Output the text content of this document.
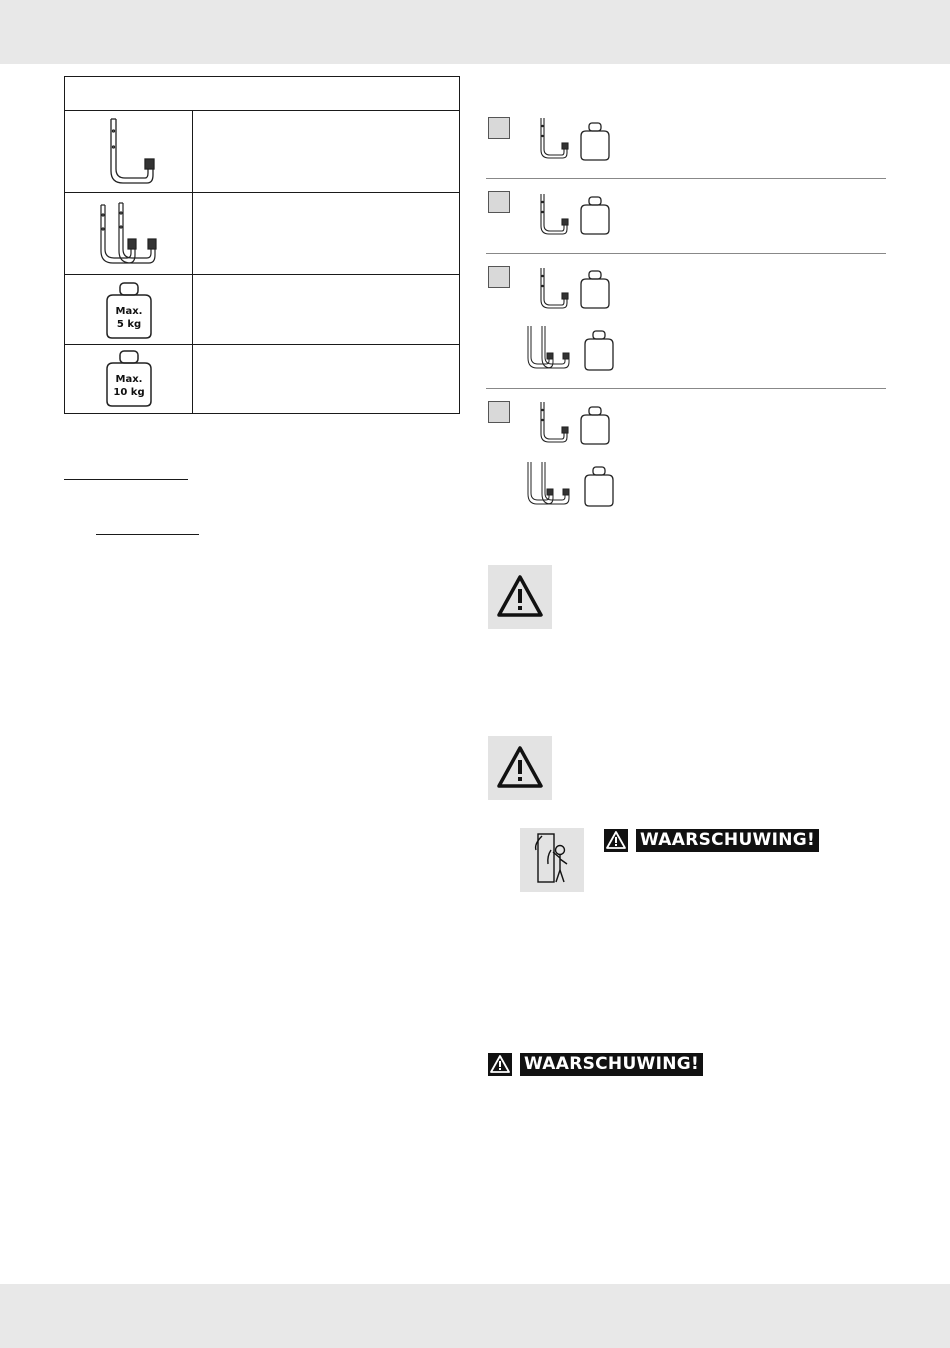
Max.
5 kg
Max.
10 kg
WAARSCHUWING!
WAARSCHUWING!
